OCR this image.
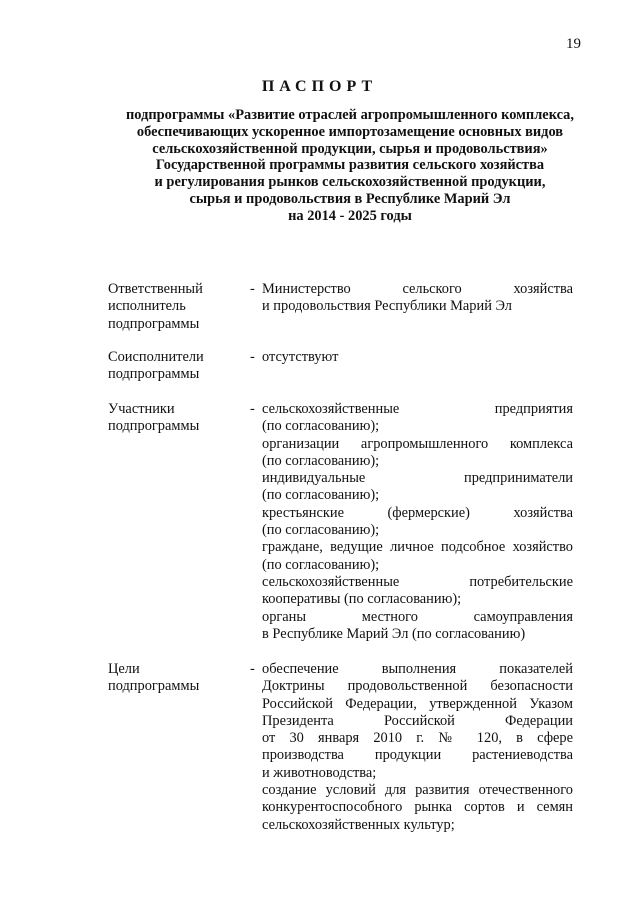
19
ПАСПОРТ
подпрограммы «Развитие отраслей агропромышленного комплекса,
обеспечивающих ускоренное импортозамещение основных видов
сельскохозяйственной продукции, сырья и продовольствия»
Государственной программы развития сельского хозяйства
и регулирования рынков сельскохозяйственной продукции,
сырья и продовольствия в Республике Марий Эл
на 2014 - 2025 годы
Ответственный
исполнитель
подпрограммы
- Министерство сельского хозяйства
и продовольствия Республики Марий Эл
Соисполнители
подпрограммы
- отсутствуют
Участники
подпрограммы
- сельскохозяйственные предприятия
(по согласованию);
организации агропромышленного комплекса
(по согласованию);
индивидуальные предприниматели
(по согласованию);
крестьянские (фермерские) хозяйства
(по согласованию);
граждане, ведущие личное подсобное хозяйство
(по согласованию);
сельскохозяйственные потребительские
кооперативы (по согласованию);
органы местного самоуправления
в Республике Марий Эл (по согласованию)
Цели
подпрограммы
- обеспечение выполнения показателей
Доктрины продовольственной безопасности
Российской Федерации, утвержденной Указом
Президента Российской Федерации
от 30 января 2010 г. № 120, в сфере
производства продукции растениеводства
и животноводства;
создание условий для развития отечественного
конкурентоспособного рынка сортов и семян
сельскохозяйственных культур;
